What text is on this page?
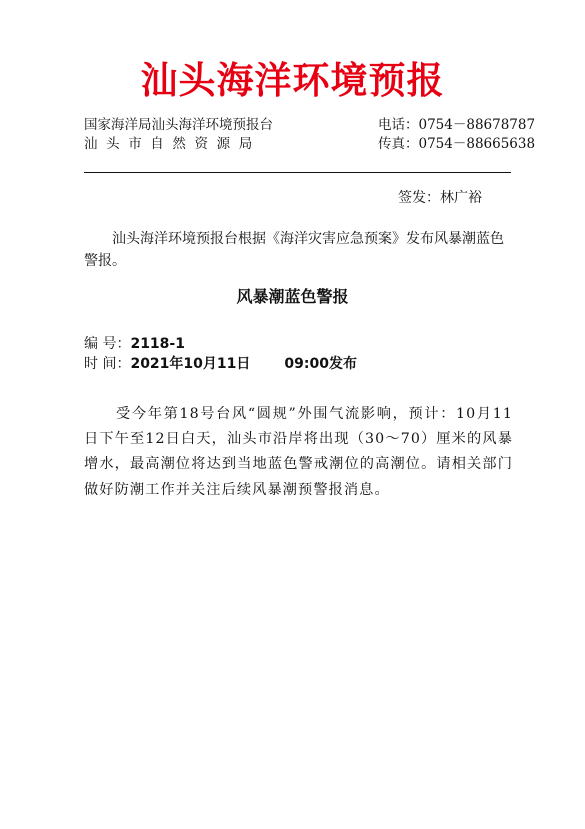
汕头海洋环境预报
国家海洋局汕头海洋环境预报台
汕头市自然资源局
电话：0754－88678787
传真：0754－88665638
签发：林广裕
汕头海洋环境预报台根据《海洋灾害应急预案》发布风暴潮蓝色警报。
风暴潮蓝色警报
编 号：2118-1
时 间：2021年10月11日 09:00发布
受今年第18号台风“圆规”外围气流影响，预计：10月11日下午至12日白天，汕头市沿岸将出现（30～70）厘米的风暴增水，最高潮位将达到当地蓝色警戒潮位的高潮位。请相关部门做好防潮工作并关注后续风暴潮预警报消息。
